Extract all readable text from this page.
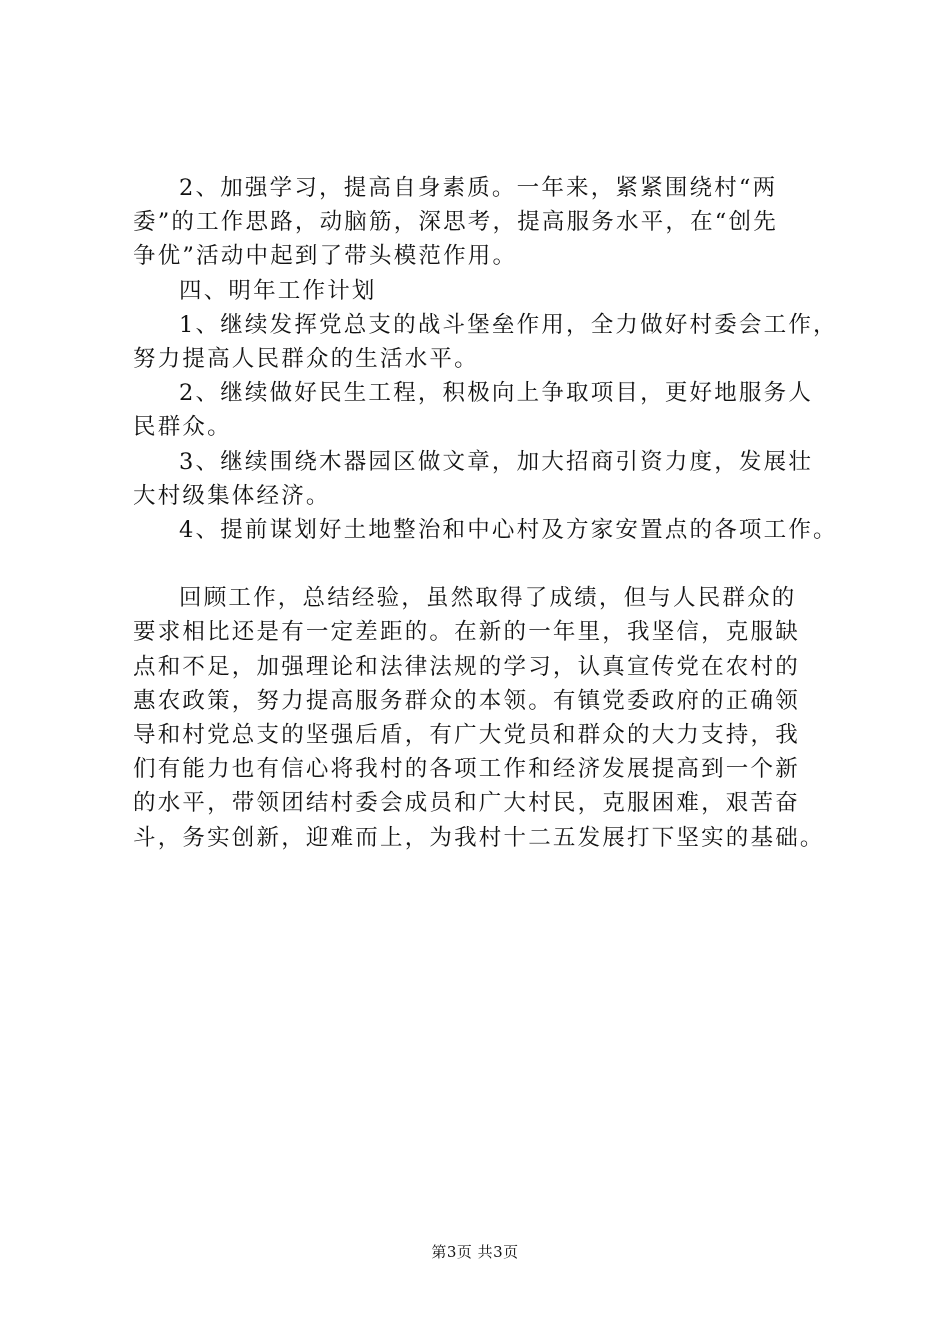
2、加强学习，提高自身素质。一年来，紧紧围绕村“两
委”的工作思路，动脑筋，深思考，提高服务水平，在“创先
争优”活动中起到了带头模范作用。
四、明年工作计划
1、继续发挥党总支的战斗堡垒作用，全力做好村委会工作，
努力提高人民群众的生活水平。
2、继续做好民生工程，积极向上争取项目，更好地服务人
民群众。
3、继续围绕木器园区做文章，加大招商引资力度，发展壮
大村级集体经济。
4、提前谋划好土地整治和中心村及方家安置点的各项工作。
回顾工作，总结经验，虽然取得了成绩，但与人民群众的
要求相比还是有一定差距的。在新的一年里，我坚信，克服缺
点和不足，加强理论和法律法规的学习，认真宣传党在农村的
惠农政策，努力提高服务群众的本领。有镇党委政府的正确领
导和村党总支的坚强后盾，有广大党员和群众的大力支持，我
们有能力也有信心将我村的各项工作和经济发展提高到一个新
的水平，带领团结村委会成员和广大村民，克服困难，艰苦奋
斗，务实创新，迎难而上，为我村十二五发展打下坚实的基础。
第3页 共3页
